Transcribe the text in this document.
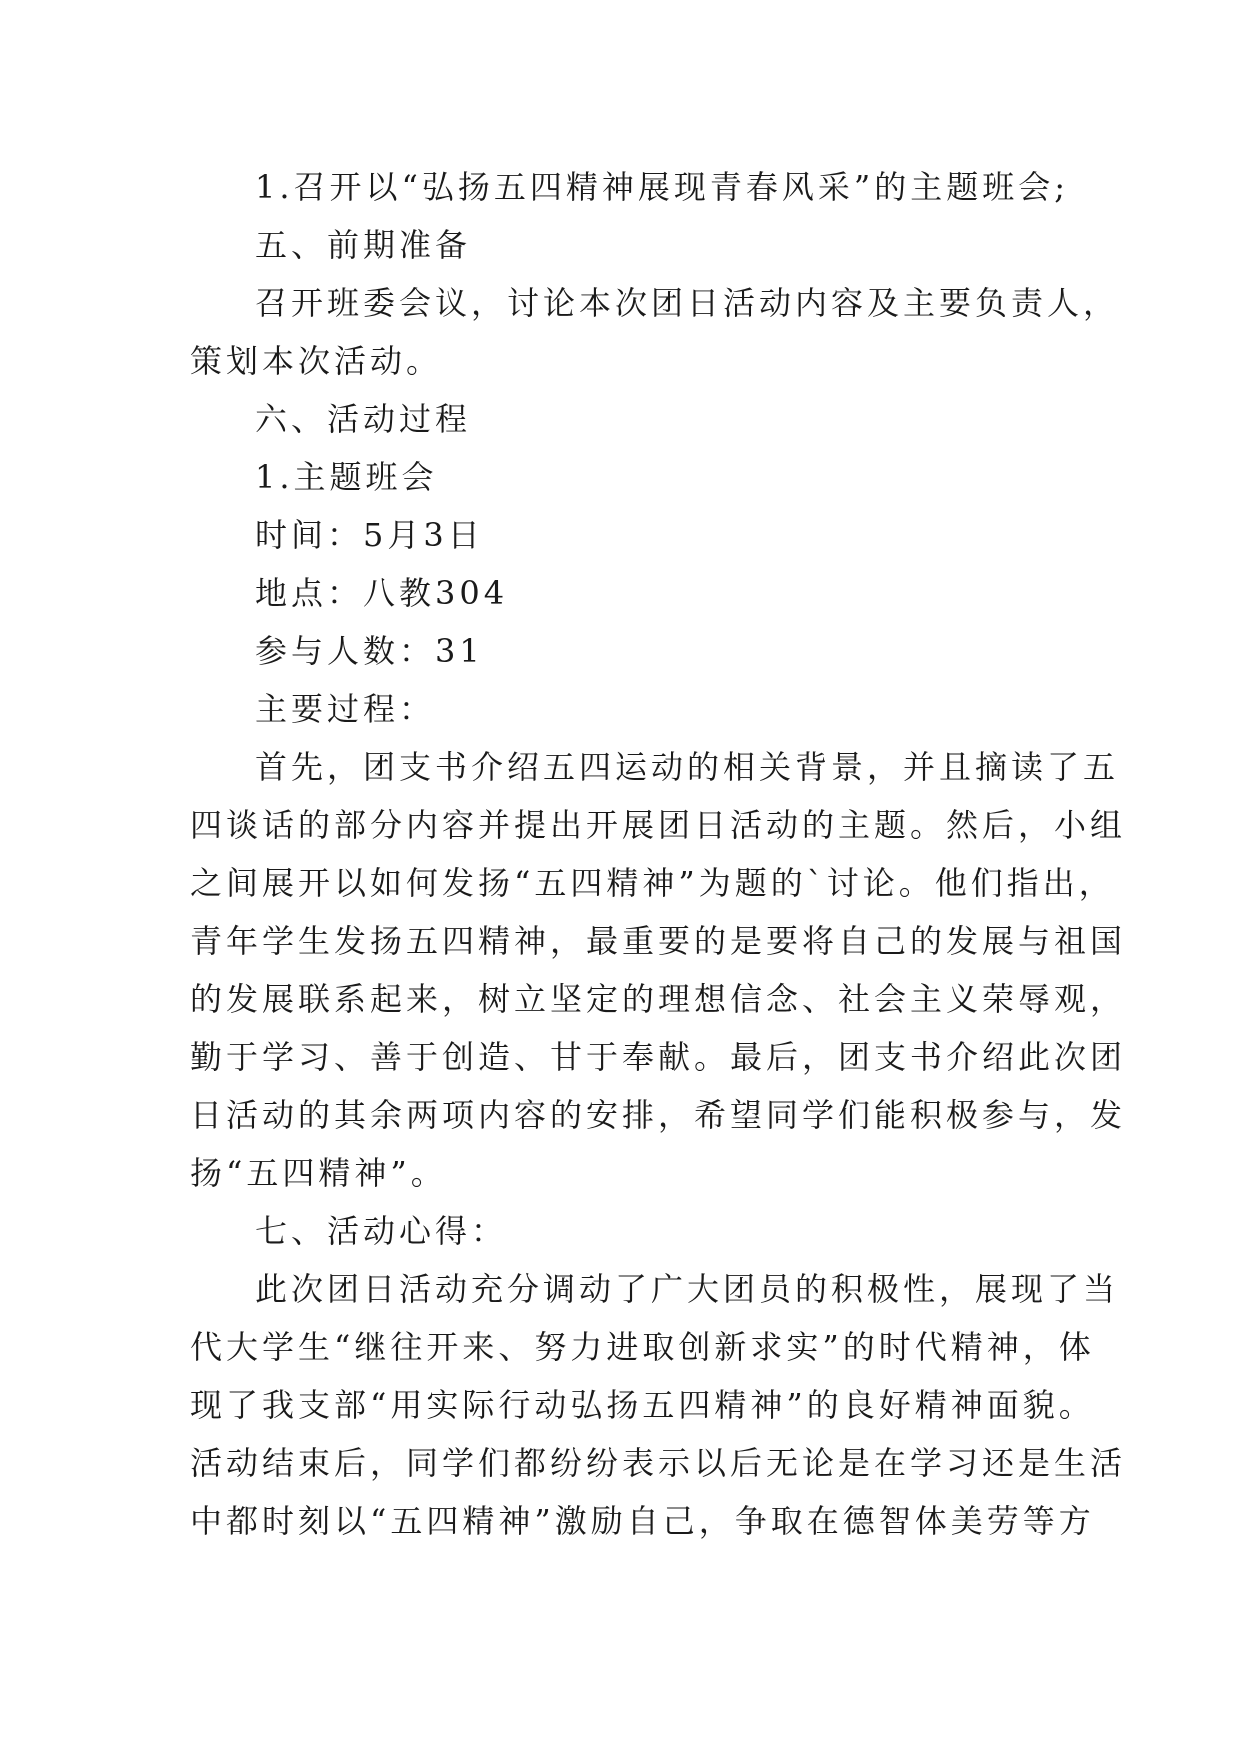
1.召开以“弘扬五四精神展现青春风采”的主题班会;
五、前期准备
召开班委会议，讨论本次团日活动内容及主要负责人，
策划本次活动。
六、活动过程
1.主题班会
时间：5月3日
地点：八教304
参与人数：31
主要过程：
首先，团支书介绍五四运动的相关背景，并且摘读了五
四谈话的部分内容并提出开展团日活动的主题。然后，小组
之间展开以如何发扬“五四精神”为题的`讨论。他们指出，
青年学生发扬五四精神，最重要的是要将自己的发展与祖国
的发展联系起来，树立坚定的理想信念、社会主义荣辱观，
勤于学习、善于创造、甘于奉献。最后，团支书介绍此次团
日活动的其余两项内容的安排，希望同学们能积极参与，发
扬“五四精神”。
七、活动心得：
此次团日活动充分调动了广大团员的积极性，展现了当
代大学生“继往开来、努力进取创新求实”的时代精神，体
现了我支部“用实际行动弘扬五四精神”的良好精神面貌。
活动结束后，同学们都纷纷表示以后无论是在学习还是生活
中都时刻以“五四精神”激励自己，争取在德智体美劳等方
